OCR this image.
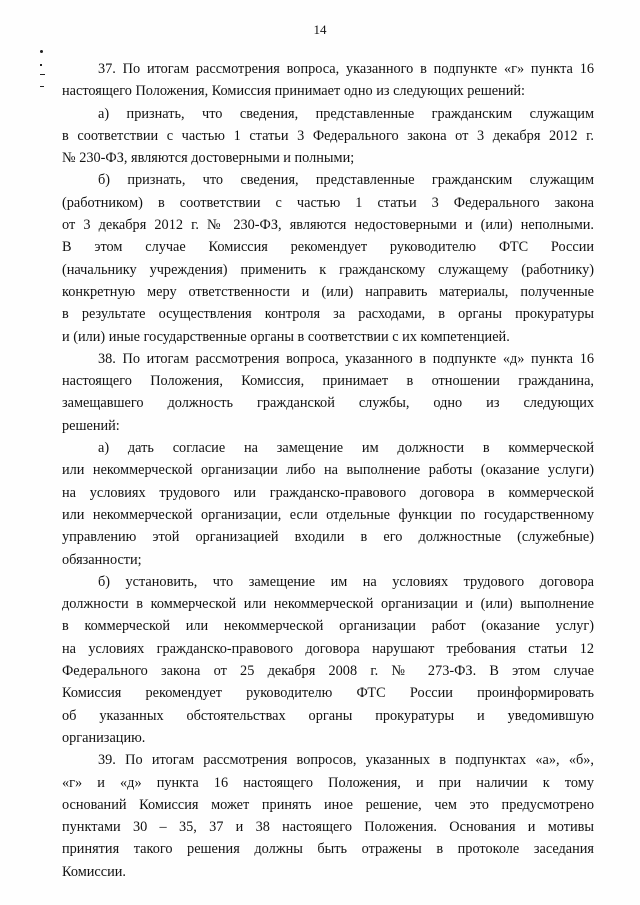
14
37. По итогам рассмотрения вопроса, указанного в подпункте «г» пункта 16
настоящего Положения, Комиссия принимает одно из следующих решений:
а) признать, что сведения, представленные гражданским служащим
в соответствии с частью 1 статьи 3 Федерального закона от 3 декабря 2012 г.
№ 230-ФЗ, являются достоверными и полными;
б) признать, что сведения, представленные гражданским служащим
(работником) в соответствии с частью 1 статьи 3 Федерального закона
от 3 декабря 2012 г. № 230-ФЗ, являются недостоверными и (или) неполными.
В этом случае Комиссия рекомендует руководителю ФТС России
(начальнику учреждения) применить к гражданскому служащему (работнику)
конкретную меру ответственности и (или) направить материалы, полученные
в результате осуществления контроля за расходами, в органы прокуратуры
и (или) иные государственные органы в соответствии с их компетенцией.
38. По итогам рассмотрения вопроса, указанного в подпункте «д» пункта 16
настоящего Положения, Комиссия, принимает в отношении гражданина,
замещавшего должность гражданской службы, одно из следующих
решений:
а) дать согласие на замещение им должности в коммерческой
или некоммерческой организации либо на выполнение работы (оказание услуги)
на условиях трудового или гражданско-правового договора в коммерческой
или некоммерческой организации, если отдельные функции по государственному
управлению этой организацией входили в его должностные (служебные)
обязанности;
б) установить, что замещение им на условиях трудового договора
должности в коммерческой или некоммерческой организации и (или) выполнение
в коммерческой или некоммерческой организации работ (оказание услуг)
на условиях гражданско-правового договора нарушают требования статьи 12
Федерального закона от 25 декабря 2008 г. № 273-ФЗ. В этом случае
Комиссия рекомендует руководителю ФТС России проинформировать
об указанных обстоятельствах органы прокуратуры и уведомившую
организацию.
39. По итогам рассмотрения вопросов, указанных в подпунктах «а», «б»,
«г» и «д» пункта 16 настоящего Положения, и при наличии к тому
оснований Комиссия может принять иное решение, чем это предусмотрено
пунктами 30 – 35, 37 и 38 настоящего Положения. Основания и мотивы
принятия такого решения должны быть отражены в протоколе заседания
Комиссии.
